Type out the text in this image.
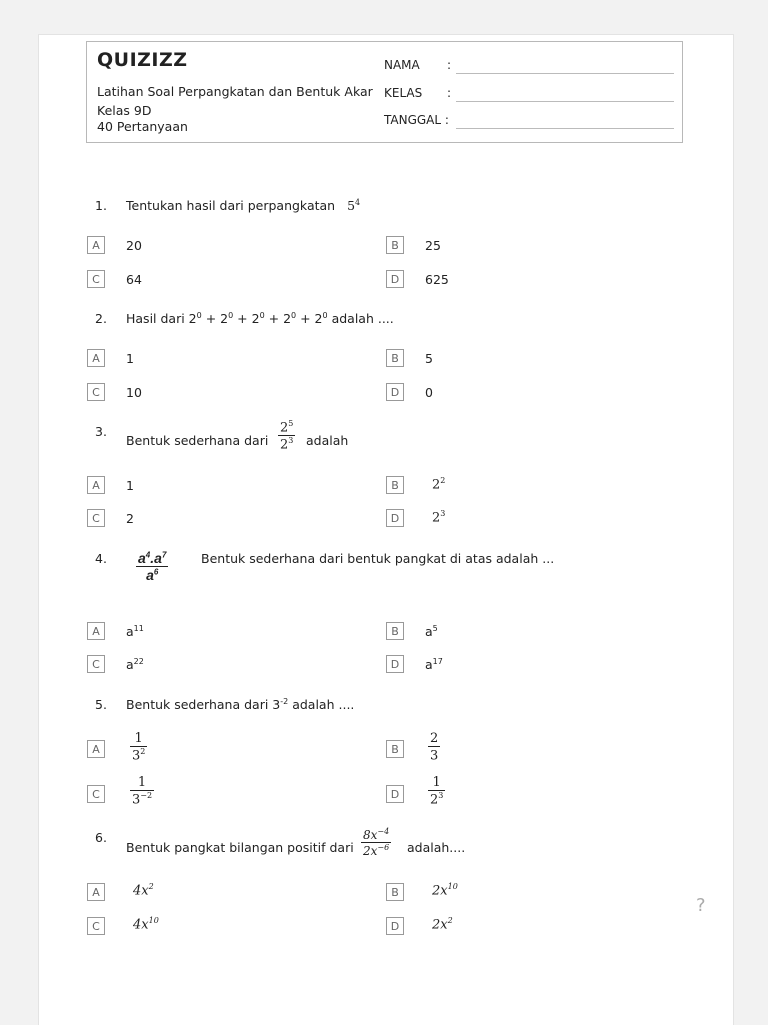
QUIZIZZ
Latihan Soal Perpangkatan dan Bentuk Akar
Kelas 9D
40 Pertanyaan
NAMA :
KELAS :
TANGGAL :
1. Tentukan hasil dari perpangkatan $5^4$
A	20	B	25
C	64	D	625
2. Hasil dari $2^0 + 2^0 + 2^0 + 2^0 + 2^0$ adalah ....
A	1	B	5
C	10	D	0
3.
Bentuk sederhana dari $\frac{2^5}{2^3}$ adalah
A	1	B	$2^2$
C	2	D	$2^3$
4. $\frac{a^4.a^7}{a^6}$	Bentuk sederhana dari bentuk pangkat di atas adalah ...
A	$a^{11}$	B	$a^5$
C	$a^{22}$	D	$a^{17}$
5. Bentuk sederhana dari $3^{-2}$ adalah ....
A	$\frac{1}{3^2}$	B	$\frac{2}{3}$
C	$\frac{1}{3^{-2}}$	D	$\frac{1}{2^3}$
6.
Bentuk pangkat bilangan positif dari $\frac{8x^{-4}}{2x^{-6}}$ adalah....
A	$4x^2$	B	$2x^{10}$
C	$4x^{10}$	D	$2x^2$
?
